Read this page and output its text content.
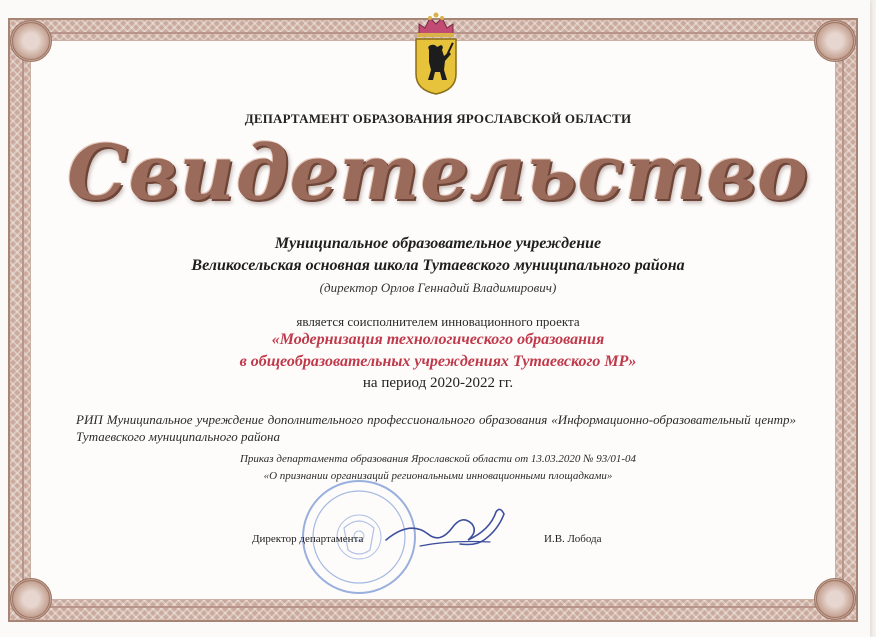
ДЕПАРТАМЕНТ ОБРАЗОВАНИЯ ЯРОСЛАВСКОЙ ОБЛАСТИ
Свидетельство
Муниципальное образовательное учреждение
Великосельская основная школа Тутаевского муниципального района
(директор Орлов Геннадий Владимирович)
является соисполнителем инновационного проекта
«Модернизация технологического образования
в общеобразовательных учреждениях Тутаевского МР»
на период 2020-2022 гг.
РИП Муниципальное учреждение дополнительного профессионального образования «Информационно-образовательный центр» Тутаевского муниципального района
Приказ департамента образования Ярославской области от 13.03.2020 № 93/01-04
«О признании организаций региональными инновационными площадками»
Директор департамента	И.В. Лобода
